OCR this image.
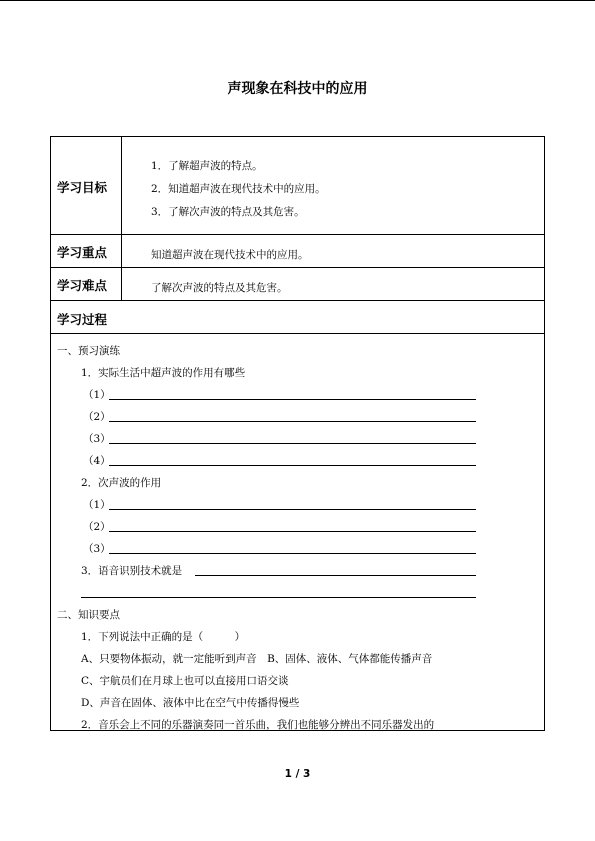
声现象在科技中的应用
学习目标
1．了解超声波的特点。
2．知道超声波在现代技术中的应用。
3．了解次声波的特点及其危害。
学习重点	知道超声波在现代技术中的应用。
学习难点	了解次声波的特点及其危害。
学习过程
一、预习演练
1．实际生活中超声波的作用有哪些
（1）
（2）
（3）
（4）
2．次声波的作用
（1）
（2）
（3）
3．语音识别技术就是
二、知识要点
1．下列说法中正确的是（　　　）
A、只要物体振动，就一定能听到声音　B、固体、液体、气体都能传播声音
C、宇航员们在月球上也可以直接用口语交谈
D、声音在固体、液体中比在空气中传播得慢些
2．音乐会上不同的乐器演奏同一首乐曲，我们也能够分辨出不同乐器发出的
1 / 3
